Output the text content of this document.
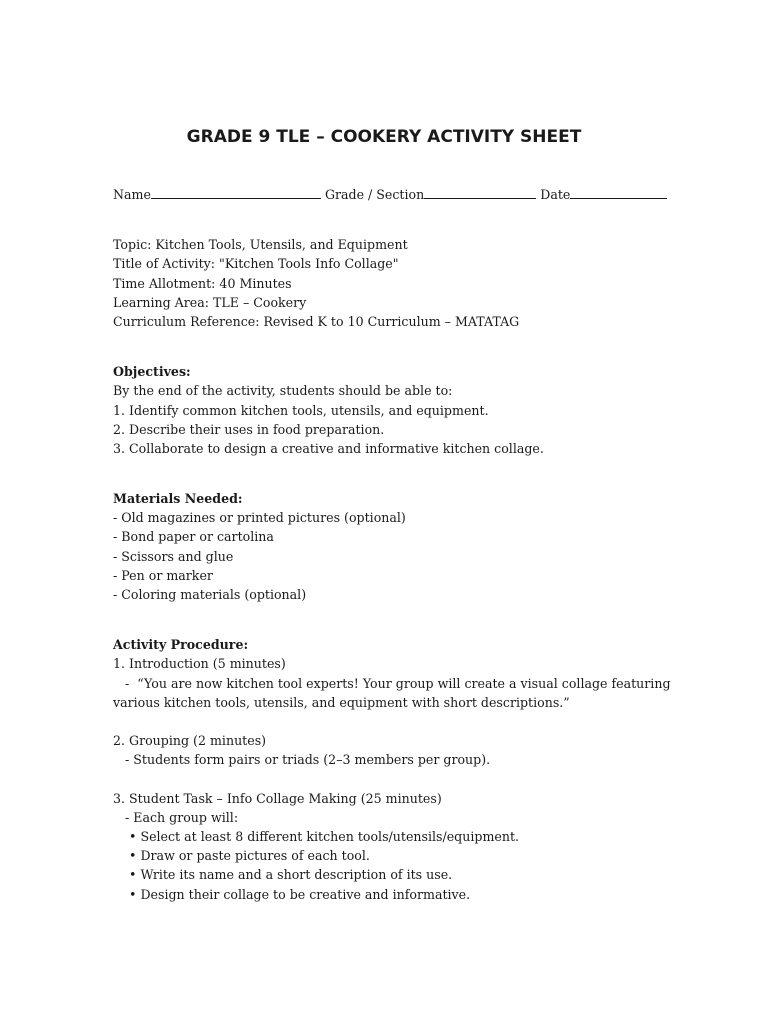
GRADE 9 TLE – COOKERY ACTIVITY SHEET
Name	Grade / Section	Date
Topic: Kitchen Tools, Utensils, and Equipment
Title of Activity: "Kitchen Tools Info Collage"
Time Allotment: 40 Minutes
Learning Area: TLE – Cookery
Curriculum Reference: Revised K to 10 Curriculum – MATATAG
Objectives:
By the end of the activity, students should be able to:
1. Identify common kitchen tools, utensils, and equipment.
2. Describe their uses in food preparation.
3. Collaborate to design a creative and informative kitchen collage.
Materials Needed:
- Old magazines or printed pictures (optional)
- Bond paper or cartolina
- Scissors and glue
- Pen or marker
- Coloring materials (optional)
Activity Procedure:
1. Introduction (5 minutes)
-  “You are now kitchen tool experts! Your group will create a visual collage featuring
various kitchen tools, utensils, and equipment with short descriptions.”
2. Grouping (2 minutes)
- Students form pairs or triads (2–3 members per group).
3. Student Task – Info Collage Making (25 minutes)
- Each group will:
• Select at least 8 different kitchen tools/utensils/equipment.
• Draw or paste pictures of each tool.
• Write its name and a short description of its use.
• Design their collage to be creative and informative.
